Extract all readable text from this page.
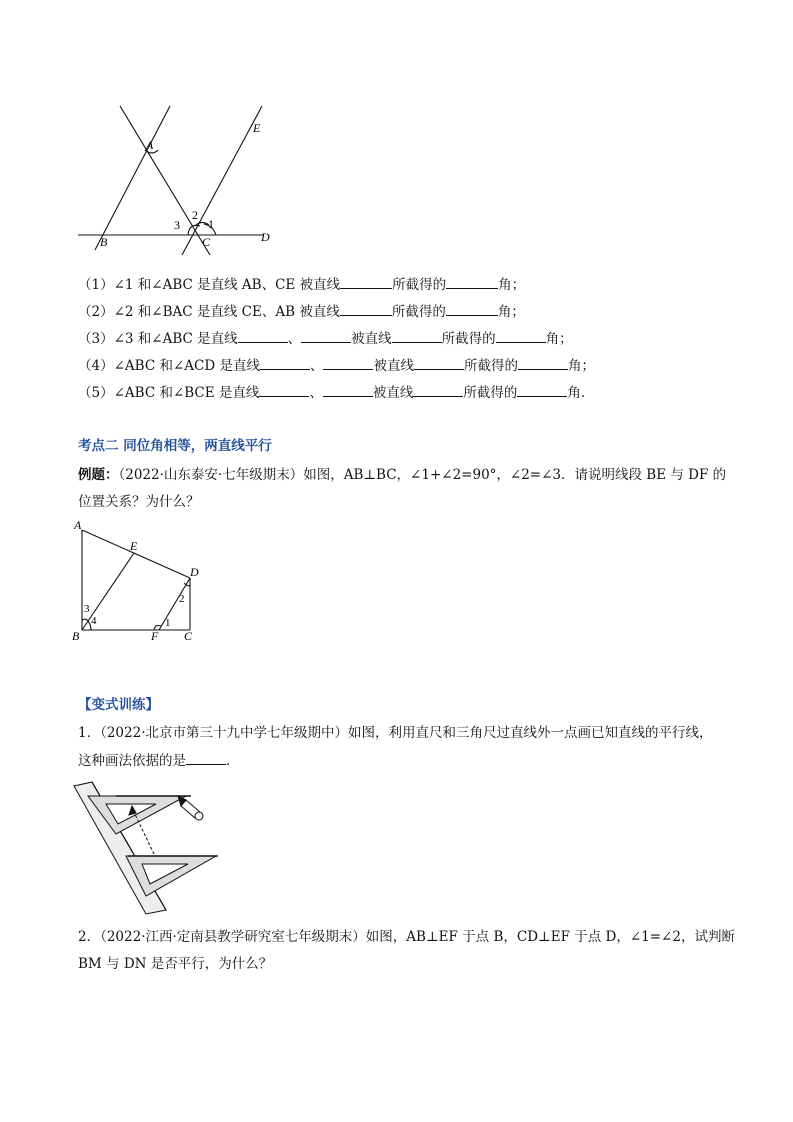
A
B	C	D
E
3
2
1
（1）∠1 和∠ABC 是直线 AB、CE 被直线	所截得的	角；
（2）∠2 和∠BAC 是直线 CE、AB 被直线	所截得的	角；
（3）∠3 和∠ABC 是直线	、	被直线	所截得的	角；
（4）∠ABC 和∠ACD 是直线	、	被直线	所截得的	角；
（5）∠ABC 和∠BCE 是直线	、	被直线	所截得的	角．
考点二 同位角相等，两直线平行
例题：（2022·山东泰安·七年级期末）如图，AB⊥BC，∠1+∠2=90°，∠2=∠3．请说明线段 BE 与 DF 的
位置关系？为什么？
A
B	C
D
E
F
3
4
2
1
【变式训练】
1．（2022·北京市第三十九中学七年级期中）如图，利用直尺和三角尺过直线外一点画已知直线的平行线，
这种画法依据的是	．
2．（2022·江西·定南县教学研究室七年级期末）如图，AB⊥EF 于点 B，CD⊥EF 于点 D，∠1=∠2，试判断
BM 与 DN 是否平行，为什么？
